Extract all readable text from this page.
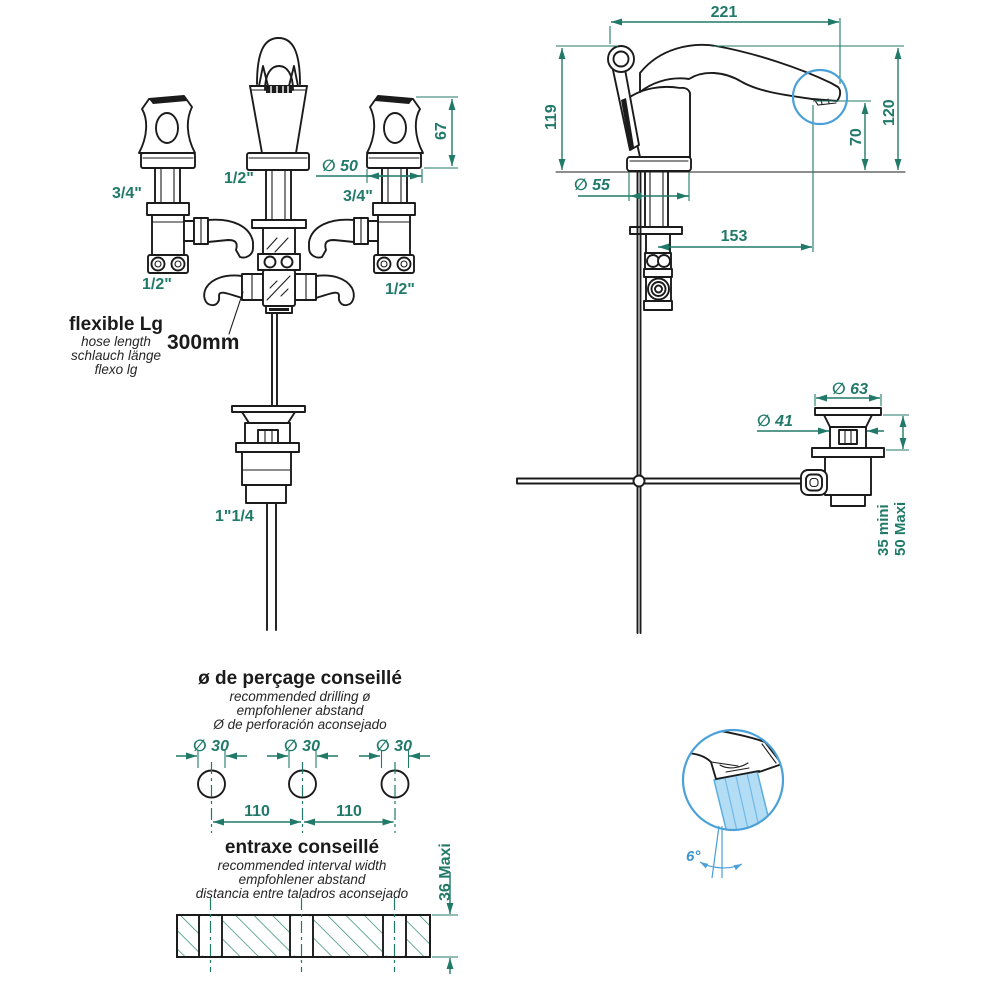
3/4"
1/2"
3/4"
1/2"	1/2"
∅ 50
67
1"1/4
flexible Lg
hose length
schlauch länge
flexo lg
300mm
221
119	120
70
∅ 55
153
∅ 63
∅ 41
35 mini 50 Maxi
ø de perçage conseillé
recommended drilling ø
empfohlener abstand
Ø de perforación aconsejado
∅ 30	∅ 30	∅ 30
110	110
entraxe conseillé
recommended interval width
empfohlener abstand
distancia entre taladros aconsejado 36 Maxi	6°
